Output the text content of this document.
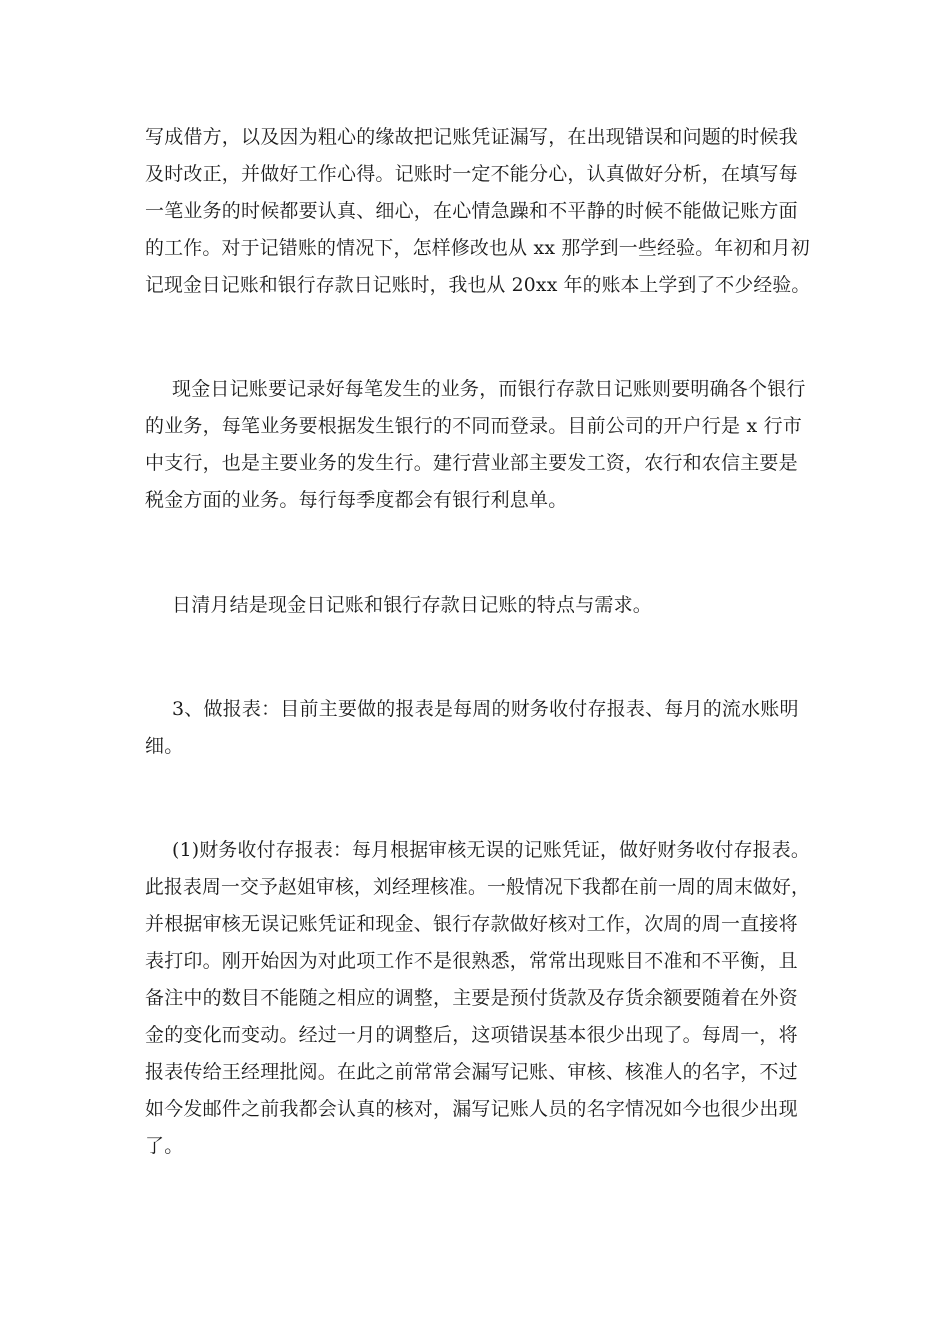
写成借方，以及因为粗心的缘故把记账凭证漏写，在出现错误和问题的时候我
及时改正，并做好工作心得。记账时一定不能分心，认真做好分析，在填写每
一笔业务的时候都要认真、细心，在心情急躁和不平静的时候不能做记账方面
的工作。对于记错账的情况下，怎样修改也从 xx 那学到一些经验。年初和月初
记现金日记账和银行存款日记账时，我也从 20xx 年的账本上学到了不少经验。
现金日记账要记录好每笔发生的业务，而银行存款日记账则要明确各个银行
的业务，每笔业务要根据发生银行的不同而登录。目前公司的开户行是 x 行市
中支行，也是主要业务的发生行。建行营业部主要发工资，农行和农信主要是
税金方面的业务。每行每季度都会有银行利息单。
日清月结是现金日记账和银行存款日记账的特点与需求。
3、做报表：目前主要做的报表是每周的财务收付存报表、每月的流水账明
细。
(1)财务收付存报表：每月根据审核无误的记账凭证，做好财务收付存报表。
此报表周一交予赵姐审核，刘经理核准。一般情况下我都在前一周的周末做好，
并根据审核无误记账凭证和现金、银行存款做好核对工作，次周的周一直接将
表打印。刚开始因为对此项工作不是很熟悉，常常出现账目不准和不平衡，且
备注中的数目不能随之相应的调整，主要是预付货款及存货余额要随着在外资
金的变化而变动。经过一月的调整后，这项错误基本很少出现了。每周一，将
报表传给王经理批阅。在此之前常常会漏写记账、审核、核准人的名字，不过
如今发邮件之前我都会认真的核对，漏写记账人员的名字情况如今也很少出现
了。
